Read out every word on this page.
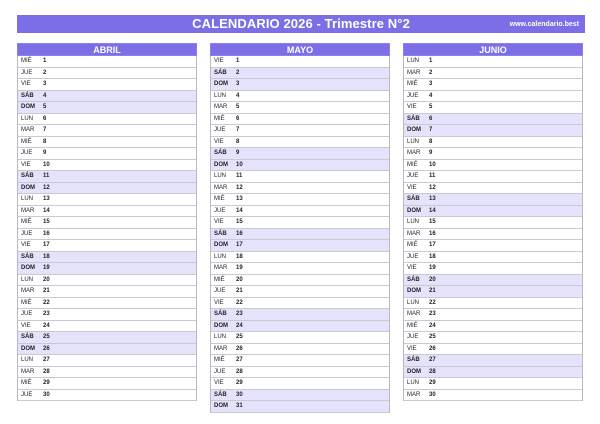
CALENDARIO 2026 - Trimestre N°2	www.calendario.best
ABRIL
MIÉ	1
JUE	2
VIE	3
SÁB	4
DOM	5
LUN	6
MAR	7
MIÉ	8
JUE	9
VIE	10
SÁB	11
DOM	12
LUN	13
MAR	14
MIÉ	15
JUE	16
VIE	17
SÁB	18
DOM	19
LUN	20
MAR	21
MIÉ	22
JUE	23
VIE	24
SÁB	25
DOM	26
LUN	27
MAR	28
MIÉ	29
JUE	30
MAYO
VIE	1
SÁB	2
DOM	3
LUN	4
MAR	5
MIÉ	6
JUE	7
VIE	8
SÁB	9
DOM	10
LUN	11
MAR	12
MIÉ	13
JUE	14
VIE	15
SÁB	16
DOM	17
LUN	18
MAR	19
MIÉ	20
JUE	21
VIE	22
SÁB	23
DOM	24
LUN	25
MAR	26
MIÉ	27
JUE	28
VIE	29
SÁB	30
DOM	31
JUNIO
LUN	1
MAR	2
MIÉ	3
JUE	4
VIE	5
SÁB	6
DOM	7
LUN	8
MAR	9
MIÉ	10
JUE	11
VIE	12
SÁB	13
DOM	14
LUN	15
MAR	16
MIÉ	17
JUE	18
VIE	19
SÁB	20
DOM	21
LUN	22
MAR	23
MIÉ	24
JUE	25
VIE	26
SÁB	27
DOM	28
LUN	29
MAR	30
